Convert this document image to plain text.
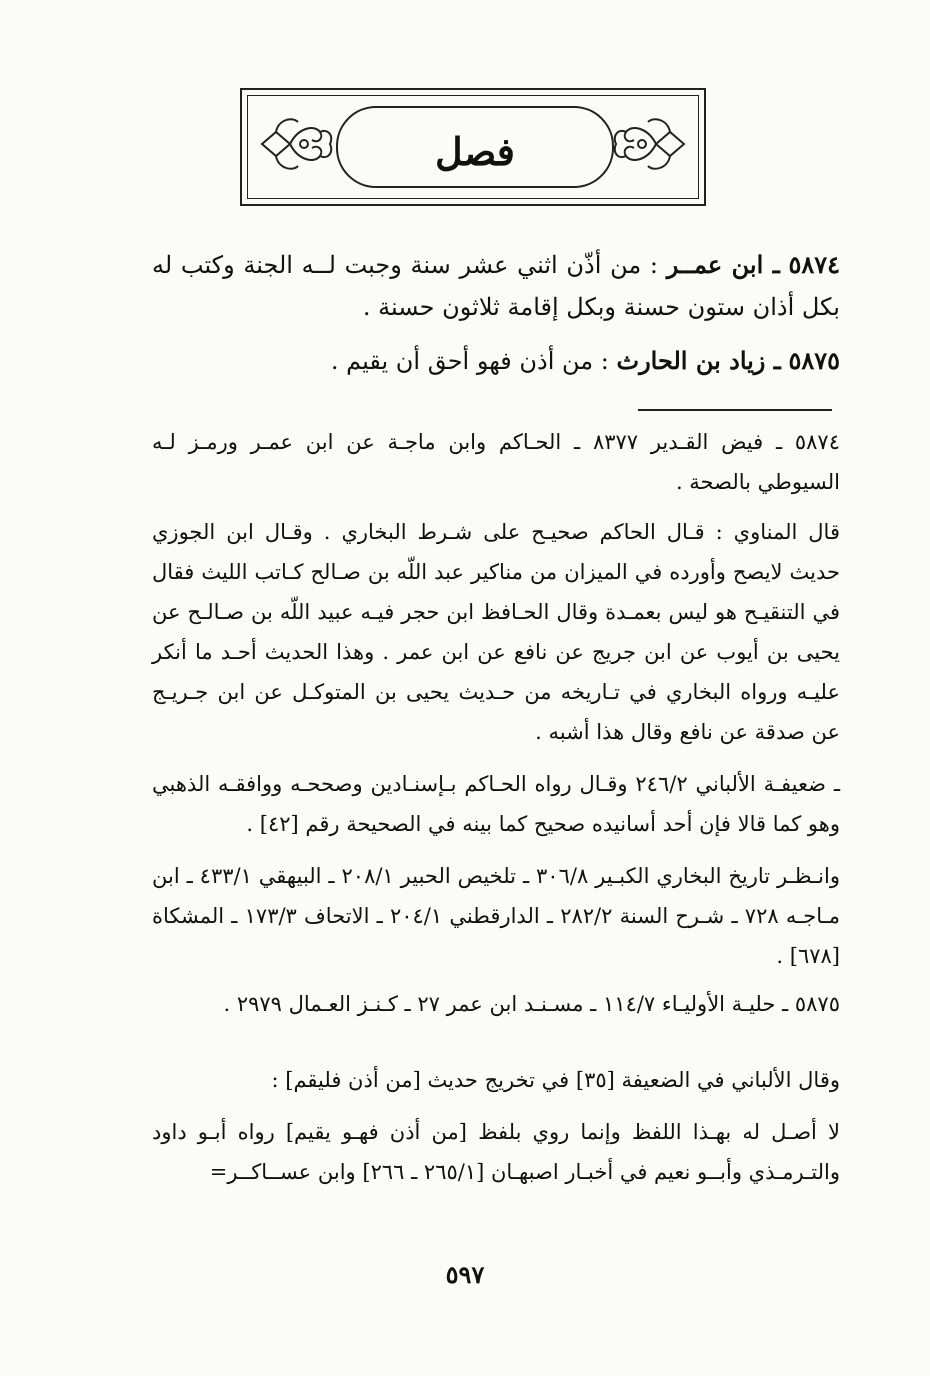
فصل
٥٨٧٤ ـ ابن عمــر : من أذّن اثني عشر سنة وجبت لــه الجنة وكتب له بكل أذان ستون حسنة وبكل إقامة ثلاثون حسنة .
٥٨٧٥ ـ زياد بن الحارث : من أذن فهو أحق أن يقيم .
٥٨٧٤ ـ فيض القـدير ٨٣٧٧ ـ الحـاكم وابن ماجـة عن ابن عمـر ورمـز لـه السيوطي بالصحة .
قال المناوي : قـال الحاكم صحيـح على شـرط البخاري . وقـال ابن الجوزي حديث لايصح وأورده في الميزان من مناكير عبد اللّه بن صـالح كـاتب الليث فقال في التنقيـح هو ليس بعمـدة وقال الحـافظ ابن حجر فيـه عبيد اللّه بن صـالـح عن يحيى بن أيوب عن ابن جريج عن نافع عن ابن عمر . وهذا الحديث أحـد ما أنكر عليـه ورواه البخاري في تـاريخه من حـديث يحيى بن المتوكـل عن ابن جـريـج عن صدقة عن نافع وقال هذا أشبه .
ـ ضعيفـة الألباني ٢٤٦/٢ وقـال رواه الحـاكم بـإسنـادين وصححـه ووافقـه الذهبي وهو كما قالا فإن أحد أسانيده صحيح كما بينه في الصحيحة رقم [٤٢] .
وانـظـر تاريخ البخاري الكبـير ٣٠٦/٨ ـ تلخيص الحبير ٢٠٨/١ ـ البيهقي ٤٣٣/١ ـ ابن مـاجـه ٧٢٨ ـ شـرح السنة ٢٨٢/٢ ـ الدارقطني ٢٠٤/١ ـ الاتحاف ١٧٣/٣ ـ المشكاة [٦٧٨] .
٥٨٧٥ ـ حليـة الأوليـاء ١١٤/٧ ـ مسـنـد ابن عمر ٢٧ ـ كـنـز العـمال ٢٩٧٩ .
وقال الألباني في الضعيفة [٣٥] في تخريج حديث [من أذن فليقم] :
لا أصـل له بهـذا اللفظ وإنما روي بلفظ [من أذن فهـو يقيم] رواه أبـو داود والتـرمـذي وأبــو نعيم في أخبـار اصبهـان [٢٦٥/١ ـ ٢٦٦] وابن عســاكــر=
٥٩٧
